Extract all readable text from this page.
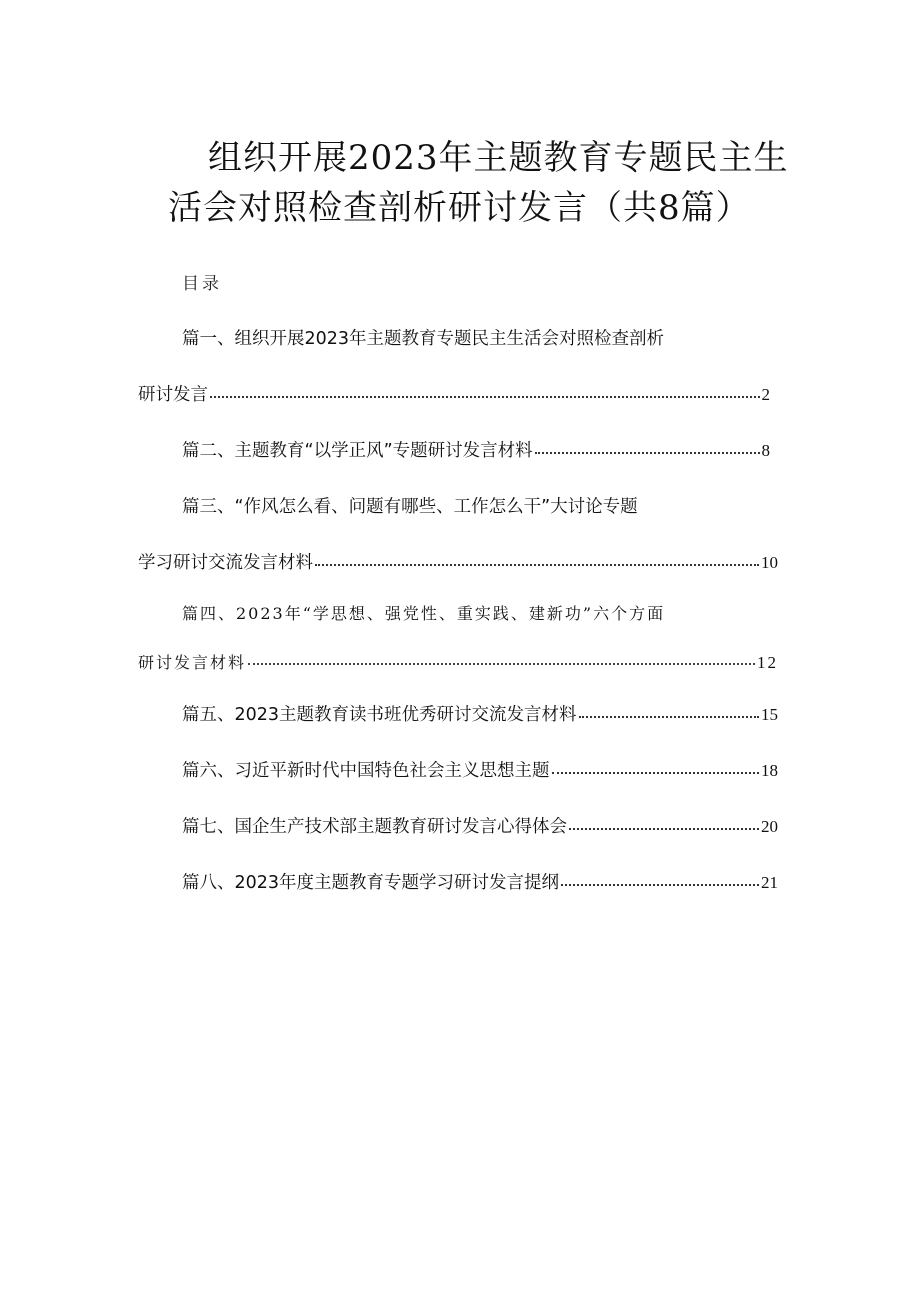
组织开展2023年主题教育专题民主生
活会对照检查剖析研讨发言（共8篇）
目录
篇一、组织开展2023年主题教育专题民主生活会对照检查剖析
研讨发言	2
篇二、主题教育“以学正风”专题研讨发言材料	8
篇三、“作风怎么看、问题有哪些、工作怎么干”大讨论专题
学习研讨交流发言材料	10
篇四、2023年“学思想、强党性、重实践、建新功”六个方面
研讨发言材料	12
篇五、2023主题教育读书班优秀研讨交流发言材料	15
篇六、习近平新时代中国特色社会主义思想主题	18
篇七、国企生产技术部主题教育研讨发言心得体会	20
篇八、2023年度主题教育专题学习研讨发言提纲	21
